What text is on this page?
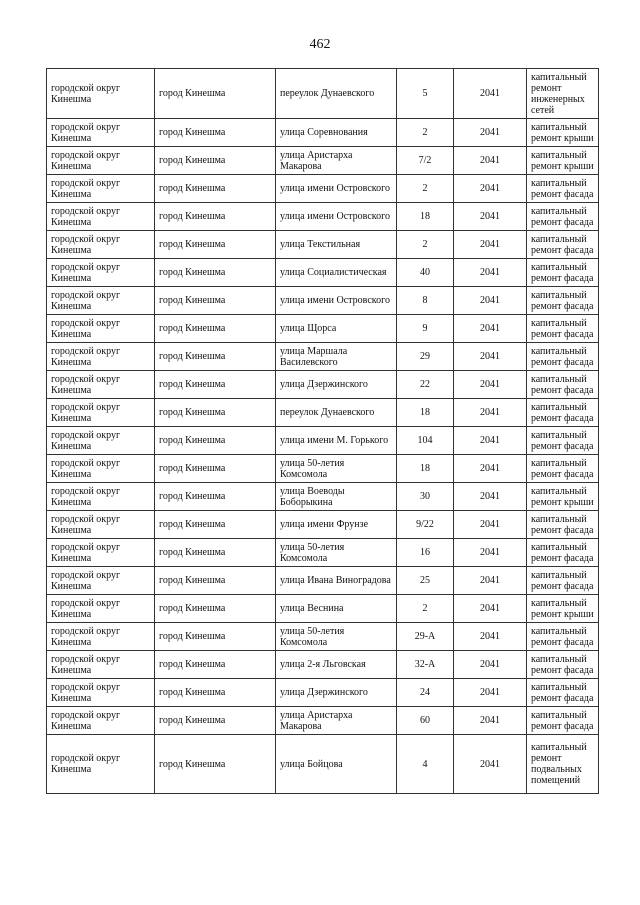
462
городской округ Кинешма	город Кинешма	переулок Дунаевского	5	2041	капитальный ремонт инженерных сетей
городской округ Кинешма	город Кинешма	улица Соревнования	2	2041	капитальный ремонт крыши
городской округ Кинешма	город Кинешма	улица Аристарха Макарова	7/2	2041	капитальный ремонт крыши
городской округ Кинешма	город Кинешма	улица имени Островского	2	2041	капитальный ремонт фасада
городской округ Кинешма	город Кинешма	улица имени Островского	18	2041	капитальный ремонт фасада
городской округ Кинешма	город Кинешма	улица Текстильная	2	2041	капитальный ремонт фасада
городской округ Кинешма	город Кинешма	улица Социалистическая	40	2041	капитальный ремонт фасада
городской округ Кинешма	город Кинешма	улица имени Островского	8	2041	капитальный ремонт фасада
городской округ Кинешма	город Кинешма	улица Щорса	9	2041	капитальный ремонт фасада
городской округ Кинешма	город Кинешма	улица Маршала Василевского	29	2041	капитальный ремонт фасада
городской округ Кинешма	город Кинешма	улица Дзержинского	22	2041	капитальный ремонт фасада
городской округ Кинешма	город Кинешма	переулок Дунаевского	18	2041	капитальный ремонт фасада
городской округ Кинешма	город Кинешма	улица имени М. Горького	104	2041	капитальный ремонт фасада
городской округ Кинешма	город Кинешма	улица 50-летия Комсомола	18	2041	капитальный ремонт фасада
городской округ Кинешма	город Кинешма	улица Воеводы Боборыкина	30	2041	капитальный ремонт крыши
городской округ Кинешма	город Кинешма	улица имени Фрунзе	9/22	2041	капитальный ремонт фасада
городской округ Кинешма	город Кинешма	улица 50-летия Комсомола	16	2041	капитальный ремонт фасада
городской округ Кинешма	город Кинешма	улица Ивана Виноградова	25	2041	капитальный ремонт фасада
городской округ Кинешма	город Кинешма	улица Веснина	2	2041	капитальный ремонт крыши
городской округ Кинешма	город Кинешма	улица 50-летия Комсомола	29-А	2041	капитальный ремонт фасада
городской округ Кинешма	город Кинешма	улица 2-я Льговская	32-А	2041	капитальный ремонт фасада
городской округ Кинешма	город Кинешма	улица Дзержинского	24	2041	капитальный ремонт фасада
городской округ Кинешма	город Кинешма	улица Аристарха Макарова	60	2041	капитальный ремонт фасада
городской округ Кинешма	город Кинешма	улица Бойцова	4	2041	капитальный ремонт подвальных помещений
